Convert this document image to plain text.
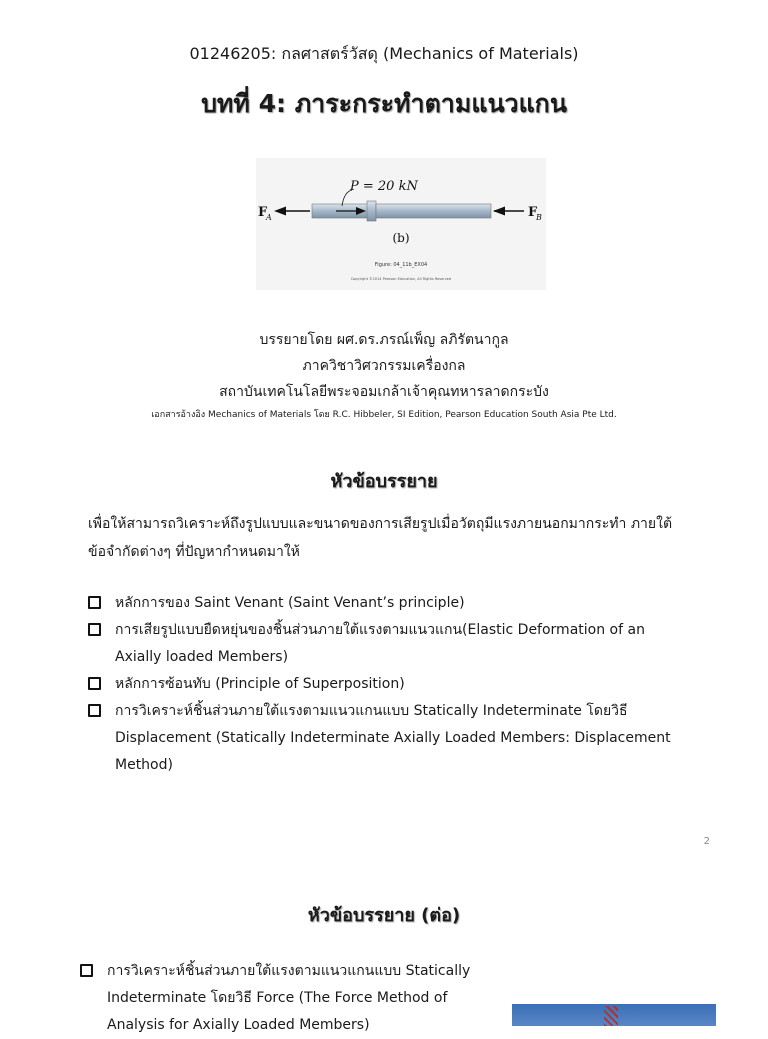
01246205: กลศาสตร์วัสดุ (Mechanics of Materials)
บทที่ 4: ภาระกระทำตามแนวแกน
P = 20 kN
F
A	F
B
(b)
Figure: 04_11b_EX04
Copyright ©2014 Pearson Education, All Rights Reserved
บรรยายโดย ผศ.ดร.ภรณ์เพ็ญ ลภิรัตนากูล
ภาควิชาวิศวกรรมเครื่องกล
สถาบันเทคโนโลยีพระจอมเกล้าเจ้าคุณทหารลาดกระบัง
เอกสารอ้างอิง Mechanics of Materials โดย R.C. Hibbeler, SI Edition, Pearson Education South Asia Pte Ltd.
หัวข้อบรรยาย
เพื่อให้สามารถวิเคราะห์ถึงรูปแบบและขนาดของการเสียรูปเมื่อวัตถุมีแรงภายนอกมากระทำ ภายใต้ข้อจำกัดต่างๆ ที่ปัญหากำหนดมาให้
หลักการของ Saint Venant (Saint Venant’s principle)
การเสียรูปแบบยืดหยุ่นของชิ้นส่วนภายใต้แรงตามแนวแกน(Elastic Deformation of an Axially loaded Members)
หลักการซ้อนทับ (Principle of Superposition)
การวิเคราะห์ชิ้นส่วนภายใต้แรงตามแนวแกนแบบ Statically Indeterminate โดยวิธี Displacement (Statically Indeterminate Axially Loaded Members: Displacement Method)
2
หัวข้อบรรยาย (ต่อ)
การวิเคราะห์ชิ้นส่วนภายใต้แรงตามแนวแกนแบบ Statically Indeterminate โดยวิธี Force (The Force Method of Analysis for Axially Loaded Members)
